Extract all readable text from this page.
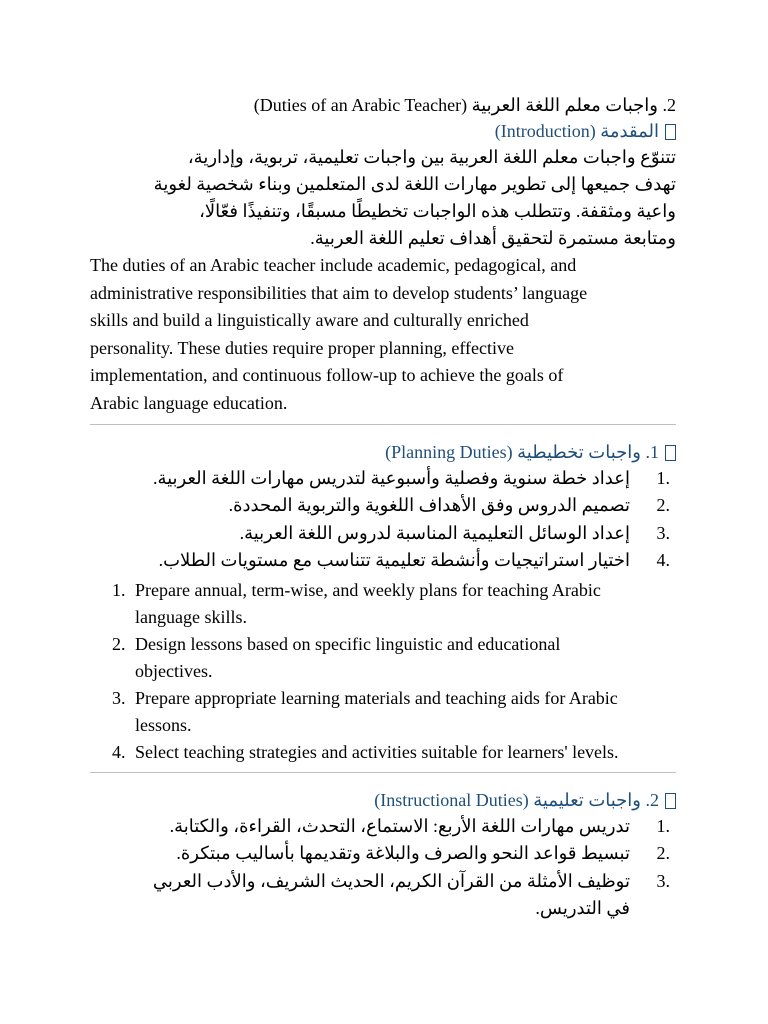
2. واجبات معلم اللغة العربية (Duties of an Arabic Teacher)

المقدمة (Introduction)

تتنوّع واجبات معلم اللغة العربية بين واجبات تعليمية، تربوية، وإدارية،
تهدف جميعها إلى تطوير مهارات اللغة لدى المتعلمين وبناء شخصية لغوية
واعية ومثقفة. وتتطلب هذه الواجبات تخطيطًا مسبقًا، وتنفيذًا فعّالًا،
ومتابعة مستمرة لتحقيق أهداف تعليم اللغة العربية.
The duties of an Arabic teacher include academic, pedagogical, and
administrative responsibilities that aim to develop students’ language
skills and build a linguistically aware and culturally enriched
personality. These duties require proper planning, effective
implementation, and continuous follow-up to achieve the goals of
Arabic language education.

1. واجبات تخطيطية (Planning Duties)

1.
إعداد خطة سنوية وفصلية وأسبوعية لتدريس مهارات اللغة العربية.
2.
تصميم الدروس وفق الأهداف اللغوية والتربوية المحددة.
3.
إعداد الوسائل التعليمية المناسبة لدروس اللغة العربية.
4.
اختيار استراتيجيات وأنشطة تعليمية تتناسب مع مستويات الطلاب.
1. Prepare annual, term-wise, and weekly plans for teaching Arabic
language skills.
2. Design lessons based on specific linguistic and educational
objectives.
3. Prepare appropriate learning materials and teaching aids for Arabic
lessons.
4. Select teaching strategies and activities suitable for learners' levels.

2. واجبات تعليمية (Instructional Duties)

1.
تدريس مهارات اللغة الأربع: الاستماع، التحدث، القراءة، والكتابة.
2.
تبسيط قواعد النحو والصرف والبلاغة وتقديمها بأساليب مبتكرة.
3.
توظيف الأمثلة من القرآن الكريم، الحديث الشريف، والأدب العربي
في التدريس.
